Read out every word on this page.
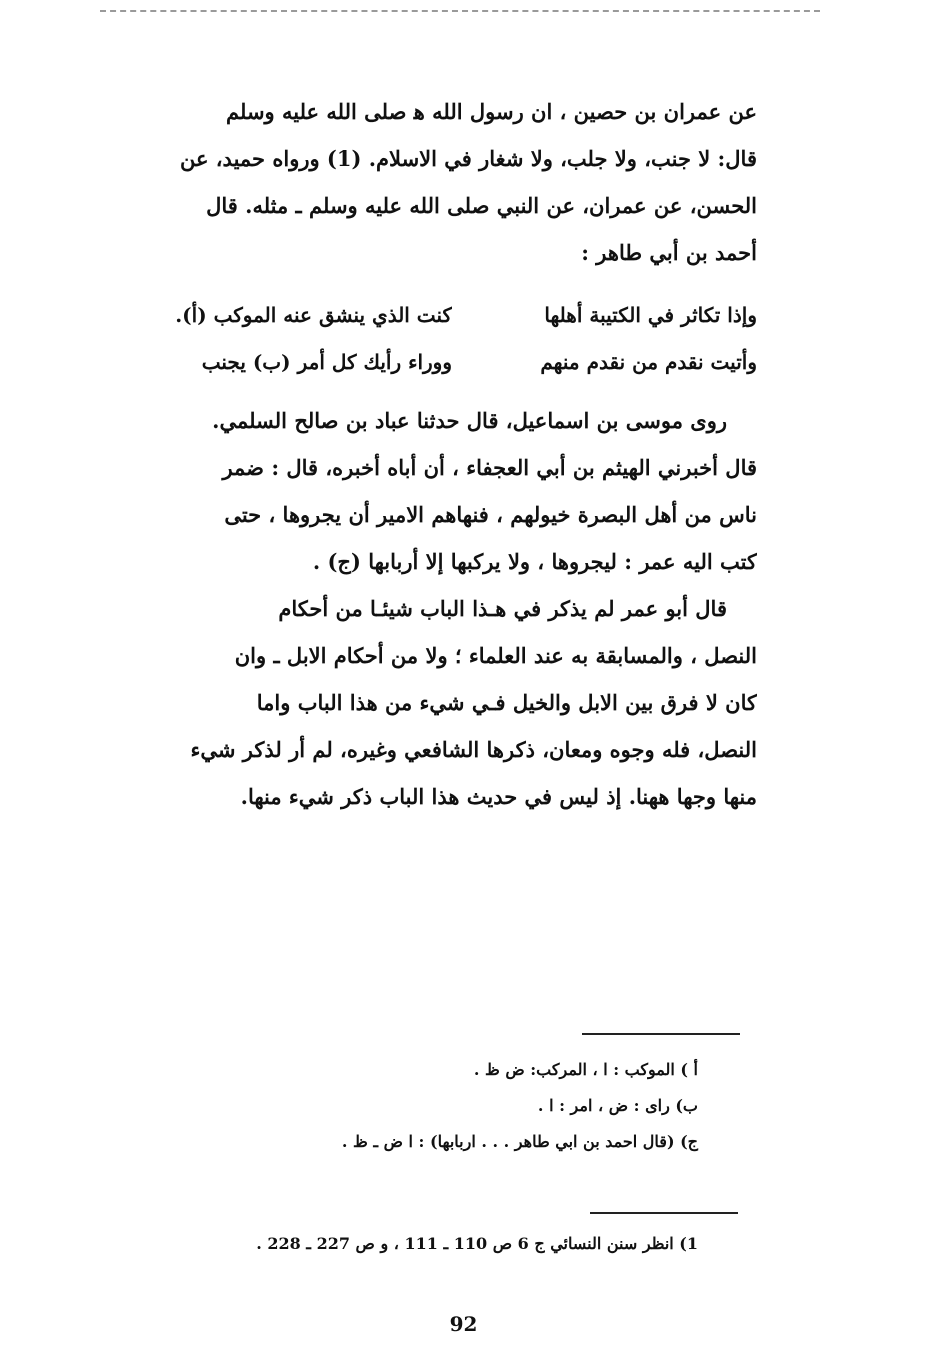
عن عمران بن حصين ، ان رسول الله ﻫ صلى الله عليه وسلم
قال: لا جنب، ولا جلب، ولا شغار في الاسلام. (1) ورواه حميد، عن
الحسن، عن عمران، عن النبي صلى الله عليه وسلم ـ مثله. قال
أحمد بن أبي طاهر :
وإذا تكاثر في الكتيبة أهلها
كنت الذي ينشق عنه الموكب (أ).
وأتيت نقدم من نقدم منهم
ووراء رأيك كل أمر (ب) يجنب
روى موسى بن اسماعيل، قال حدثنا عباد بن صالح السلمي.
قال أخبرني الهيثم بن أبي العجفاء ، أن أباه أخبره، قال : ضمر
ناس من أهل البصرة خيولهم ، فنهاهم الامير أن يجروها ، حتى
كتب اليه عمر : ليجروها ، ولا يركبها إلا أربابها (ج) .
قال أبو عمر لم يذكر في هـذا الباب شيئـا من أحكام
النصل ، والمسابقة به عند العلماء ؛ ولا من أحكام الابل ـ وان
كان لا فرق بين الابل والخيل فـي شيء من هذا الباب واما
النصل، فله وجوه ومعان، ذكرها الشافعي وغيره، لم أر لذكر شيء
منها وجها ههنا. إذ ليس في حديث هذا الباب ذكر شيء منها.
أ ) الموكب : ا ، المركب: ض ظ .
ب) راى : ض ، امر : ا .
ج) (قال احمد بن ابي طاهر . . . اربابها) : ا ض ـ ظ .
1) انظر سنن النسائي ج 6 ص 110 ـ 111 ، و ص 227 ـ 228 .
92
